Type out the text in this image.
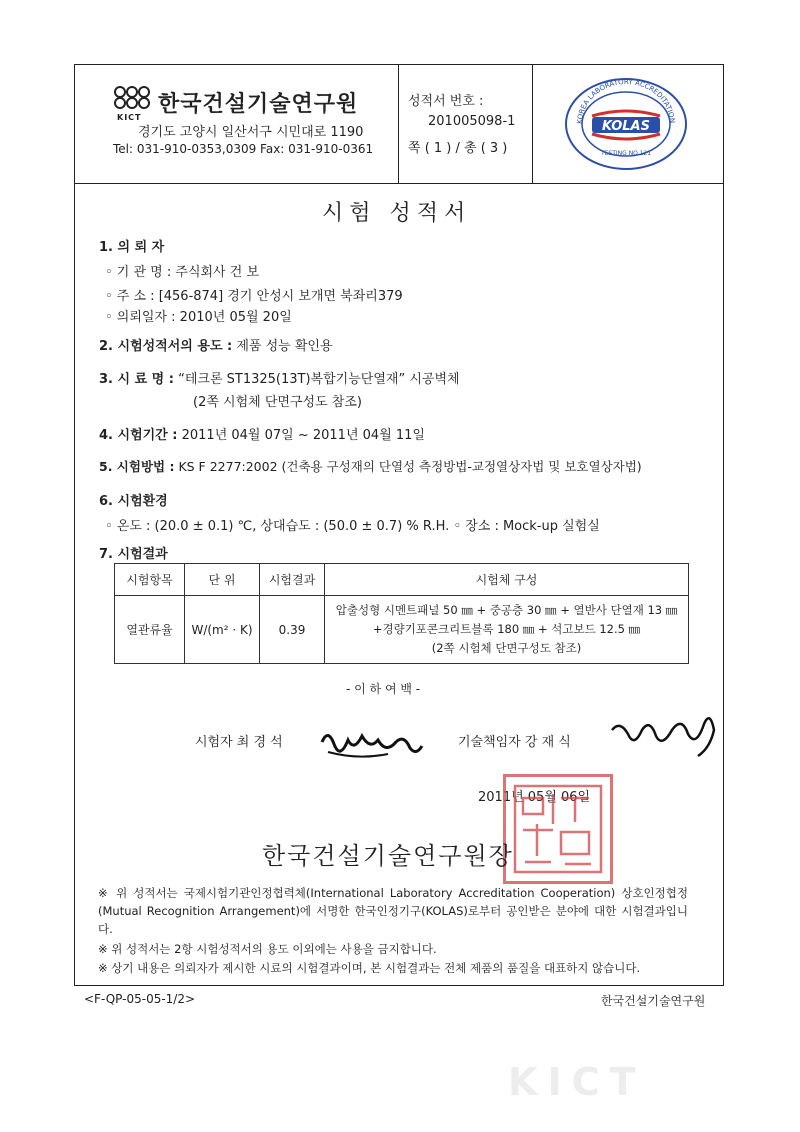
KICT
한국건설기술연구원
경기도 고양시 일산서구 시민대로 1190
Tel: 031-910-0353,0309 Fax: 031-910-0361
성적서 번호 :
201005098-1
쪽 ( 1 ) / 총 ( 3 )
KOREA LABORATORY ACCREDITATION
KOLAS
TESTING NO.121
시험 성적서
1. 의 뢰 자
◦ 기 관 명 : 주식회사 건 보
◦ 주 소 : [456-874] 경기 안성시 보개면 북좌리379
◦ 의뢰일자 : 2010년 05월 20일
2. 시험성적서의 용도 : 제품 성능 확인용
3. 시 료 명 : “테크론 ST1325(13T)복합기능단열재” 시공벽체
(2쪽 시험체 단면구성도 참조)
4. 시험기간 : 2011년 04월 07일 ~ 2011년 04월 11일
5. 시험방법 : KS F 2277:2002 (건축용 구성재의 단열성 측정방법-교정열상자법 및 보호열상자법)
6. 시험환경
◦ 온도 : (20.0 ± 0.1) ℃, 상대습도 : (50.0 ± 0.7) % R.H. ◦ 장소 : Mock-up 실험실
7. 시험결과
시험항목	단 위	시험결과	시험체 구성
열관류율	W/(m² · K)	0.39	압출성형 시멘트패널 50 ㎜ + 중공층 30 ㎜ + 열반사 단열재 13 ㎜
+경량기포콘크리트블록 180 ㎜ + 석고보드 12.5 ㎜
(2쪽 시험체 단면구성도 참조)
- 이 하 여 백 -
시험자 최 경 석	기술책임자 강 재 식
2011년 05월 06일
한국건설기술연구원장
※ 위 성적서는 국제시험기관인정협력체(International Laboratory Accreditation Cooperation) 상호인정협정 (Mutual Recognition Arrangement)에 서명한 한국인정기구(KOLAS)로부터 공인받은 분야에 대한 시험결과입니다.
※ 위 성적서는 2항 시험성적서의 용도 이외에는 사용을 금지합니다.
※ 상기 내용은 의뢰자가 제시한 시료의 시험결과이며, 본 시험결과는 전체 제품의 품질을 대표하지 않습니다.
<F-QP-05-05-1/2>	한국건설기술연구원
KICT
